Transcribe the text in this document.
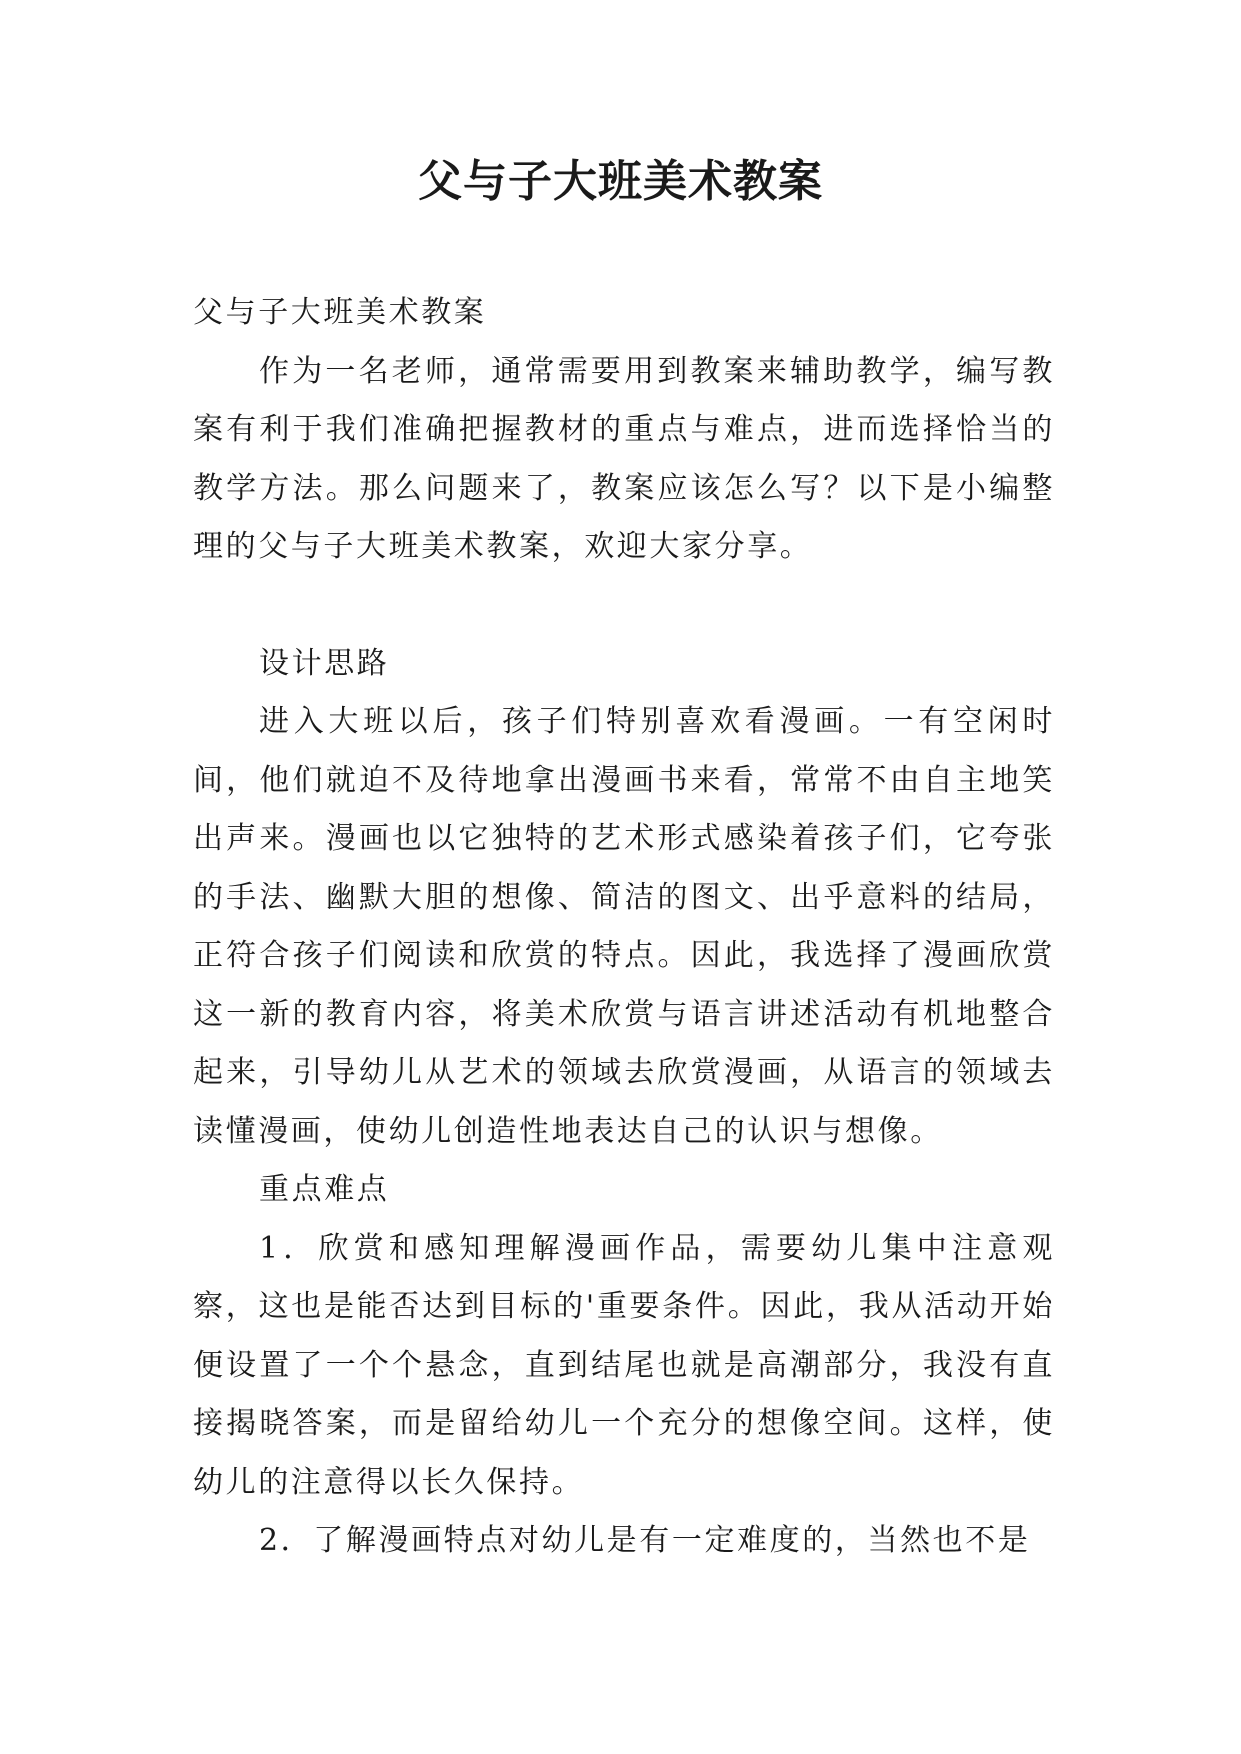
父与子大班美术教案

父与子大班美术教案

作为一名老师，通常需要用到教案来辅助教学，编写教案有利于我们准确把握教材的重点与难点，进而选择恰当的教学方法。那么问题来了，教案应该怎么写？以下是小编整理的父与子大班美术教案，欢迎大家分享。

设计思路

进入大班以后，孩子们特别喜欢看漫画。一有空闲时间，他们就迫不及待地拿出漫画书来看，常常不由自主地笑出声来。漫画也以它独特的艺术形式感染着孩子们，它夸张的手法、幽默大胆的想像、简洁的图文、出乎意料的结局，正符合孩子们阅读和欣赏的特点。因此，我选择了漫画欣赏这一新的教育内容，将美术欣赏与语言讲述活动有机地整合起来，引导幼儿从艺术的领域去欣赏漫画，从语言的领域去读懂漫画，使幼儿创造性地表达自己的认识与想像。

重点难点

1．欣赏和感知理解漫画作品，需要幼儿集中注意观察，这也是能否达到目标的'重要条件。因此，我从活动开始便设置了一个个悬念，直到结尾也就是高潮部分，我没有直接揭晓答案，而是留给幼儿一个充分的想像空间。这样，使幼儿的注意得以长久保持。

2．了解漫画特点对幼儿是有一定难度的，当然也不是
